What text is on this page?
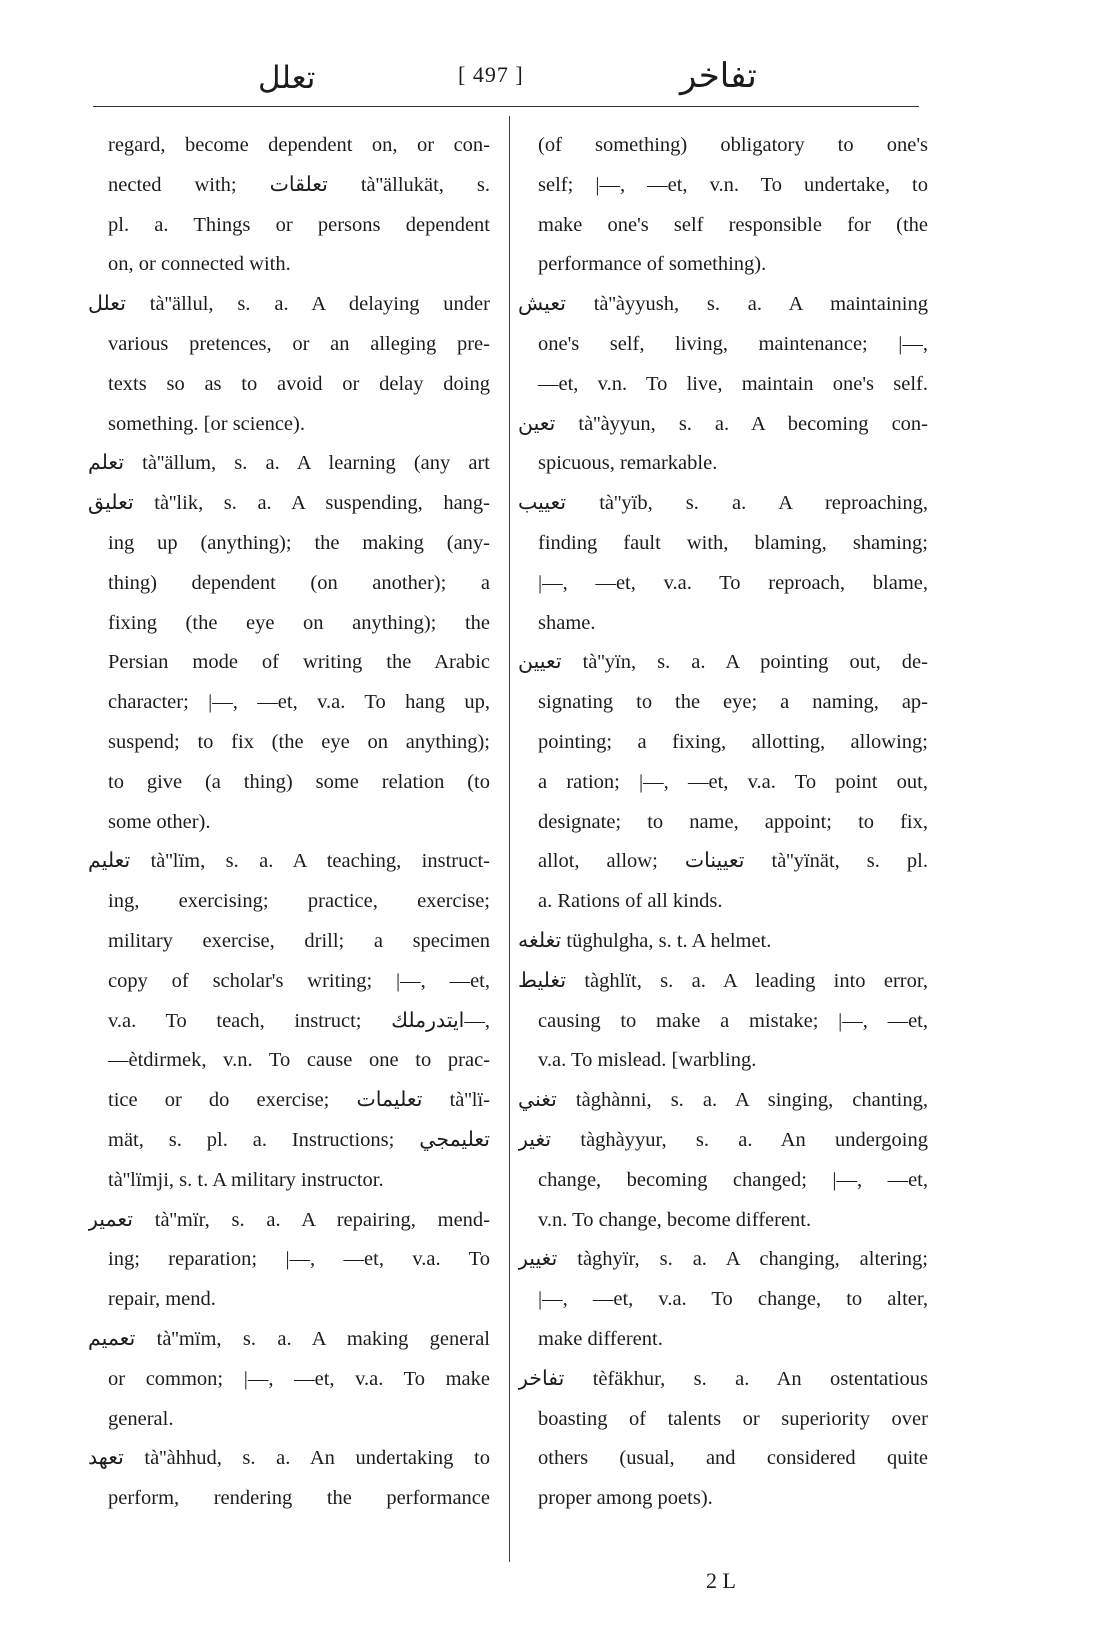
تعلل	[ 497 ]	تفاخر
regard, become dependent on, or con-
nected with; تعلقات tà''ällukät, s.
pl. a. Things or persons dependent
on, or connected with.
تعلل tà''ällul, s. a. A delaying under
various pretences, or an alleging pre-
texts so as to avoid or delay doing
something. [or science).
تعلم tà''ällum, s. a. A learning (any art
تعليق tà''lik, s. a. A suspending, hang-
ing up (anything); the making (any-
thing) dependent (on another); a
fixing (the eye on anything); the
Persian mode of writing the Arabic
character; |—, —et, v.a. To hang up,
suspend; to fix (the eye on anything);
to give (a thing) some relation (to
some other).
تعليم tà''lïm, s. a. A teaching, instruct-
ing, exercising; practice, exercise;
military exercise, drill; a specimen
copy of scholar's writing; |—, —et,
v.a. To teach, instruct; ايتدرملك—,
—ètdirmek, v.n. To cause one to prac-
tice or do exercise; تعليمات tà''lï-
mät, s. pl. a. Instructions; تعليمجي
tà''lïmji, s. t. A military instructor.
تعمير tà''mïr, s. a. A repairing, mend-
ing; reparation; |—, —et, v.a. To
repair, mend.
تعميم tà''mïm, s. a. A making general
or common; |—, —et, v.a. To make
general.
تعهد tà''àhhud, s. a. An undertaking to
perform, rendering the performance
(of something) obligatory to one's
self; |—, —et, v.n. To undertake, to
make one's self responsible for (the
performance of something).
تعيش tà''àyyush, s. a. A maintaining
one's self, living, maintenance; |—,
—et, v.n. To live, maintain one's self.
تعين tà''àyyun, s. a. A becoming con-
spicuous, remarkable.
تعييب tà''yïb, s. a. A reproaching,
finding fault with, blaming, shaming;
|—, —et, v.a. To reproach, blame,
shame.
تعيين tà''yïn, s. a. A pointing out, de-
signating to the eye; a naming, ap-
pointing; a fixing, allotting, allowing;
a ration; |—, —et, v.a. To point out,
designate; to name, appoint; to fix,
allot, allow; تعيينات tà''yïnät, s. pl.
a. Rations of all kinds.
تغلغه tüghulgha, s. t. A helmet.
تغليط tàghlït, s. a. A leading into error,
causing to make a mistake; |—, —et,
v.a. To mislead. [warbling.
تغني tàghànni, s. a. A singing, chanting,
تغير tàghàyyur, s. a. An undergoing
change, becoming changed; |—, —et,
v.n. To change, become different.
تغيير tàghyïr, s. a. A changing, altering;
|—, —et, v.a. To change, to alter,
make different.
تفاخر tèfäkhur, s. a. An ostentatious
boasting of talents or superiority over
others (usual, and considered quite
proper among poets).
2 L
